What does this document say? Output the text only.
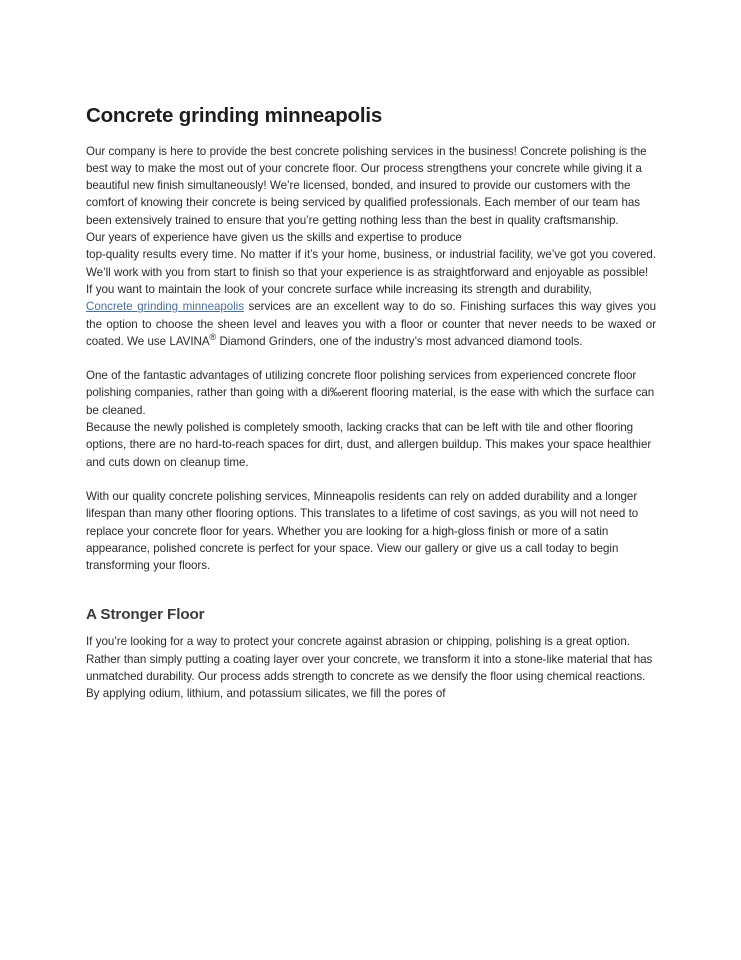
Concrete grinding minneapolis

Our company is here to provide the best concrete polishing services in the business! Concrete polishing is the best way to make the most out of your concrete floor. Our process strengthens your concrete while giving it a beautiful new finish simultaneously! We’re licensed, bonded, and insured to provide our customers with the comfort of knowing their concrete is being serviced by qualified professionals. Each member of our team has been extensively trained to ensure that you’re getting nothing less than the best in quality craftsmanship.

Our years of experience have given us the skills and expertise to produce

top-quality results every time. No matter if it’s your home, business, or industrial facility, we’ve got you covered. We’ll work with you from start to finish so that your experience is as straightforward and enjoyable as possible!

If you want to maintain the look of your concrete surface while increasing its strength and durability,

Concrete grinding minneapolis services are an excellent way to do so. Finishing surfaces this way gives you the option to choose the sheen level and leaves you with a floor or counter that never needs to be waxed or coated. We use LAVINA® Diamond Grinders, one of the industry’s most advanced diamond tools.

One of the fantastic advantages of utilizing concrete floor polishing services from experienced concrete floor polishing companies, rather than going with a di‰erent flooring material, is the ease with which the surface can be cleaned.

Because the newly polished is completely smooth, lacking cracks that can be left with tile and other flooring options, there are no hard-to-reach spaces for dirt, dust, and allergen buildup. This makes your space healthier and cuts down on cleanup time.

With our quality concrete polishing services, Minneapolis residents can rely on added durability and a longer lifespan than many other flooring options. This translates to a lifetime of cost savings, as you will not need to replace your concrete floor for years. Whether you are looking for a high-gloss finish or more of a satin appearance, polished concrete is perfect for your space. View our gallery or give us a call today to begin transforming your floors.

A Stronger Floor

If you’re looking for a way to protect your concrete against abrasion or chipping, polishing is a great option. Rather than simply putting a coating layer over your concrete, we transform it into a stone-like material that has unmatched durability. Our process adds strength to concrete as we densify the floor using chemical reactions. By applying odium, lithium, and potassium silicates, we fill the pores of
